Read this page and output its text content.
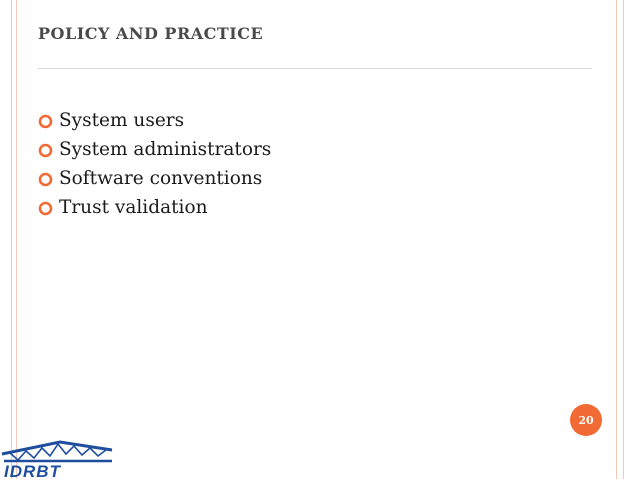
POLICY AND PRACTICE
System users
System administrators
Software conventions
Trust validation
20
IDRBT
